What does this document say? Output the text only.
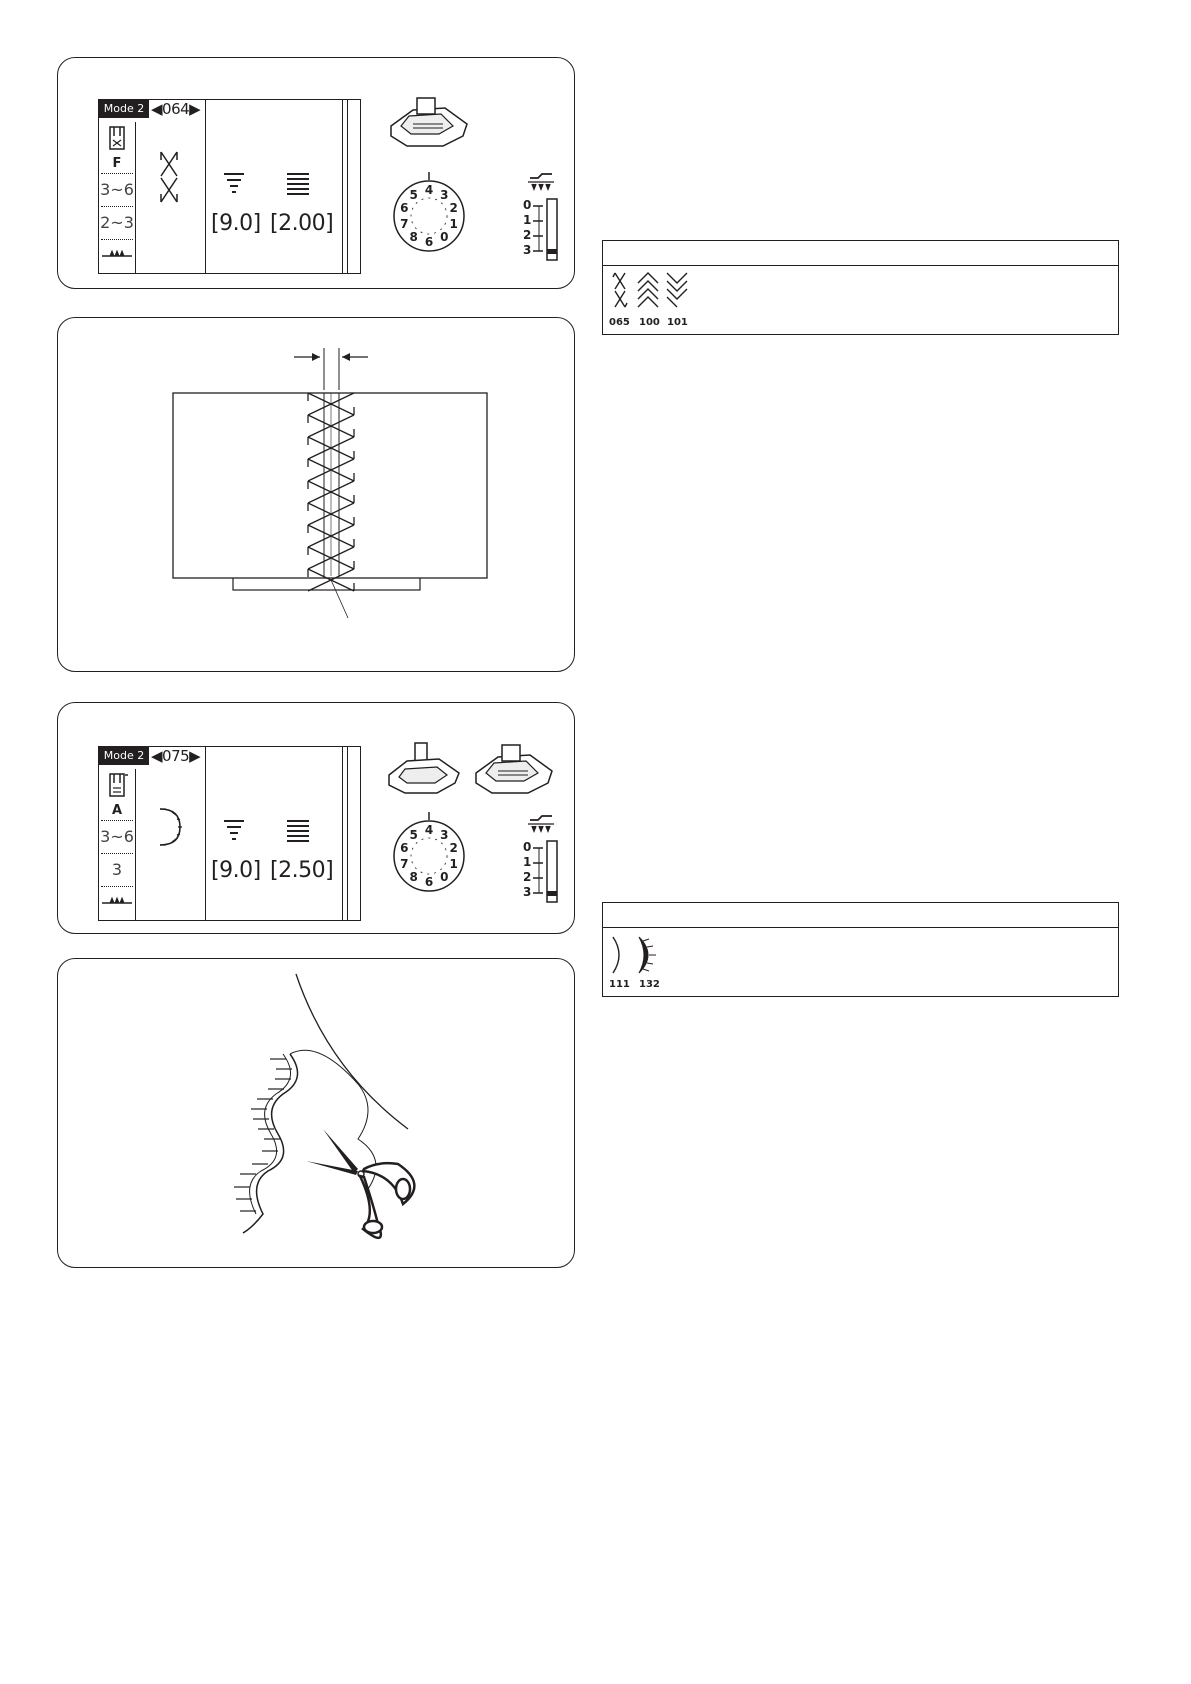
Mode 2 ◀064▶
F
3~6
2~3	[9.0] [2.00]
4 3
2
1
0
6
8
7
6
5
0
1
2
3
065 100 101
Mode 2 ◀075▶
A
3~6
3	[9.0] [2.50]
4 3
2
1
0
6
8
7
6
5
0
1
2
3
111 132
